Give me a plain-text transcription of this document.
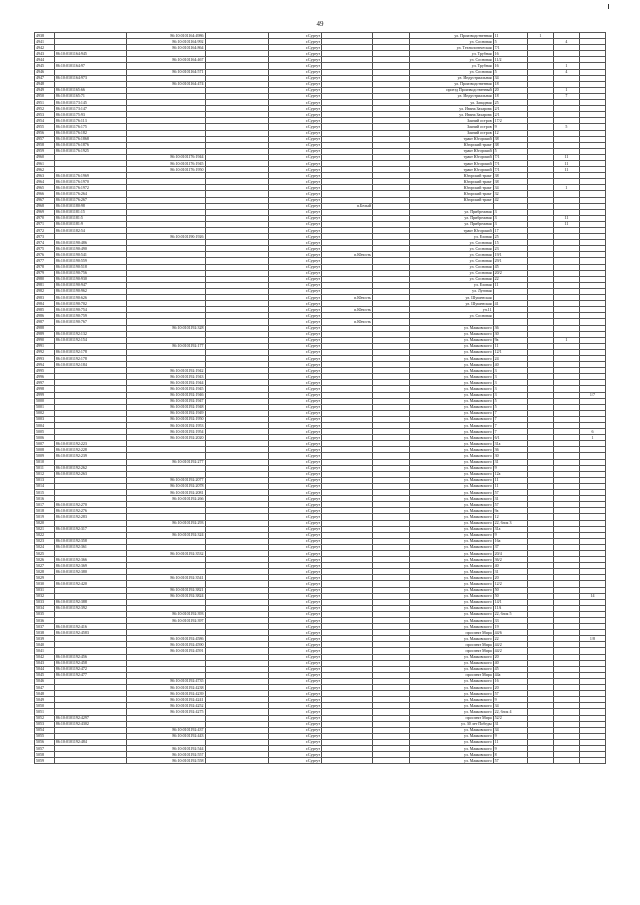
49
4938		86:10:0101164:4986		г.Сургут			ул. Производственная	11	1		
4941		86:10:0101164:992		г.Сургут			ул. Сосновая	5		4	
4942		86:10:0101164:864		г.Сургут			ул. Технологическая	7/1			
4943	86:10:0101164:945			г.Сургут			ул. Трубная	16			
4944		86:10:0101164:467		г.Сургут			ул. Сосновая	11/2			
4945	86:10:0101164:97			г.Сургут			ул. Трубная	16		1	
4946		86:10:0101164:571		г.Сургут			ул. Сосновая	5		4	
4947	86:10:0101164:973			г.Сургут			ул. Индустриальная	34			
4948		86:10:0101164:474		г.Сургут			ул. Производственная	18			
4949	86:10:0101165:66			г.Сургут			проезд Производственный	20		1	
4950	86:10:0101165:71			г.Сургут			ул. Индустриальная	18		7	
4951	86:10:0101173:145			г.Сургут			ул. Западная	25			
4952	86:10:0101173:147			г.Сургут			ул. Ивана Захарова	2/1			
4953	86:10:0101175:93			г.Сургут			ул. Ивана Захарова	2/1			
4954	86:10:0101176:113			г.Сургут			Заячий остров	17/2			
4955	86:10:0101176:175			г.Сургут			Заячий остров	9		5	
4956	86:10:0101176:182			г.Сургут			Заячий остров	12			
4957	86:10:0101176:1868			г.Сургут			тракт Югорский	38			
4958	86:10:0101176:1876			г.Сургут			Югорский тракт	38			
4959	86:10:0101176:1925			г.Сургут			тракт Югорский	5			
4960		86:10:0101176:1944		г.Сургут			тракт Югорский	7/1		11	
4961		86:10:0101176:1945		г.Сургут			тракт Югорский	7/1		11	
4962		86:10:0101176:1950		г.Сургут			тракт Югорский	7/1		11	
4963	86:10:0101176:1969			г.Сургут			Югорский тракт	38			
4964	86:10:0101176:1970			г.Сургут			Югорский тракт	38			
4965	86:10:0101176:1972			г.Сургут			Югорский тракт	34		1	
4966	86:10:0101176:264			г.Сургут			Югорский тракт	32			
4967	86:10:0101176:267			г.Сургут			Югорский тракт	42			
4968	86:10:0101180:98			г.Сургут	п.Белый						
4969	86:10:0101181:15			г.Сургут			ул. Прибрежная	3			
4970	86:10:0101181:5			г.Сургут			ул. Прибрежная	3		11	
4971	86:10:0101181:9			г.Сургут			ул. Прибрежная	3		11	
4972	86:10:0101182:54			г.Сургут			тракт Югорский	17			
4973		86:10:0101190:1926		г.Сургут			ул. Еловая	25			
4974	86:10:0101190:486			г.Сургут			ул. Сосновая	15			
4975	86:10:0101190:490			г.Сургут			ул. Сосновая	23			
4976	86:10:0101190:541			г.Сургут	п.Юность		ул. Сосновая	19/1			
4977	86:10:0101190:559			г.Сургут			ул. Сосновая	29/1			
4978	86:10:0101190:518			г.Сургут			ул. Сосновая	45			
4979	86:10:0101190:756			г.Сургут			ул. Сосновая	20/2			
4980	86:10:0101190:930			г.Сургут			ул. Сосновая	22			
4981	86:10:0101190:947			г.Сургут			ул. Еловая	11			
4982	86:10:0101190:962			г.Сургут			ул. Луговая				
4983	86:10:0101190:626			г.Сургут	п.Юность		ул. Шушенская				
4984	86:10:0101190:702			г.Сургут			ул. Шушенская	41			
4985	86:10:0101190:754			г.Сургут	п.Юность		уч.11				
4986	86:10:0101190:759			г.Сургут			ул. Сосновая				
4987	86:10:0101190:767			г.Сургут	п.Юность						
4988		86:10:0101192:328		г.Сургут			ул. Маяковского	36			
4989	86:10:0101192:132			г.Сургут			ул. Маяковского	30			
4990	86:10:0101192:154			г.Сургут			ул. Маяковского	9а		1	
4991		86:10:0101192:177		г.Сургут			ул. Маяковского	11			
4992	86:10:0101192:178			г.Сургут			ул. Маяковского	12/1			
4993	86:10:0101192:178			г.Сургут			ул. Маяковского	24			
4994	86:10:0101192:184			г.Сургут			ул. Маяковского	40			
4995		86:10:0101192:1942		г.Сургут			ул. Маяковского	3			
4996		86:10:0101192:1943		г.Сургут			ул. Маяковского	3			
4997		86:10:0101192:1944		г.Сургут			ул. Маяковского	3			
4998		86:10:0101192:1945		г.Сургут			ул. Маяковского	3			
4999		86:10:0101192:1946		г.Сургут			ул. Маяковского	3			1/7
5000		86:10:0101192:1947		г.Сургут			ул. Маяковского	5			
5001		86:10:0101192:1948		г.Сургут			ул. Маяковского	5			
5002		86:10:0101192:1949		г.Сургут			ул. Маяковского	7			
5003		86:10:0101192:1950		г.Сургут			ул. Маяковского	7			
5004		86:10:0101192:1953		г.Сургут			ул. Маяковского	7			
5005		86:10:0101192:1954		г.Сургут			ул. Маяковского	7			6
5006		86:10:0101192:2020		г.Сургут			ул. Маяковского	6/1			1
5007	86:10:0101192:223			г.Сургут			ул. Маяковского	31а			
5008	86:10:0101192:228			г.Сургут			ул. Маяковского	36			
5009	86:10:0101192:239			г.Сургут			ул. Маяковского	30			
5010		86:10:0101192:277		г.Сургут			ул. Маяковского	31			
5011	86:10:0101192:262			г.Сургут			ул. Маяковского	9			
5012	86:10:0101192:263			г.Сургут			ул. Маяковского	12а			
5013		86:10:0101192:2077		г.Сургут			ул. Маяковского	11			
5014		86:10:0101192:2078		г.Сургут			ул. Маяковского	11			
5015		86:10:0101192:2081		г.Сургут			ул. Маяковского	57			
5016		86:10:0101192:266		г.Сургут			ул. Маяковского	31			
5017	86:10:0101192:270			г.Сургут			ул. Маяковского	57			
5018	86:10:0101192:276			г.Сургут			ул. Маяковского	9а			
5019	86:10:0101192:283			г.Сургут			ул. Маяковского	12			
5020		86:10:0101192:293		г.Сургут			ул. Маяковского	22, блок 3			
5021	86:10:0101192:317			г.Сургут			ул. Маяковского	31а			
5022		86:10:0101192:324		г.Сургут			ул. Маяковского	9			
5023	86:10:0101192:358			г.Сургут			ул. Маяковского	16а			
5024	86:10:0101192:361			г.Сургут			ул. Маяковского	37			
5025		86:10:0101192:3532		г.Сургут			ул. Маяковского	20/4			
5026	86:10:0101192:366			г.Сургут			ул. Маяковского	36/2			
5027	86:10:0101192:369			г.Сургут			ул. Маяковского	40			
5028	86:10:0101192:380			г.Сургут			ул. Маяковского	31			
5029		86:10:0101192:3541		г.Сургут			ул. Маяковского	20			
5030	86:10:0101192:420			г.Сургут			ул. Маяковского	12/2			
5031		86:10:0101192:3821		г.Сургут			ул. Маяковского	50			
5032		86:10:0101192:3824		г.Сургут			ул. Маяковского	50			14
5033	86:10:0101192:388			г.Сургут			ул. Маяковского	14/1			
5034	86:10:0101192:392			г.Сургут			ул. Маяковского	11А			
5035		86:10:0101192:393		г.Сургут			ул. Маяковского	22, блок 5			
5036		86:10:0101192:397		г.Сургут			ул. Маяковского	33			
5037	86:10:0101192:416			г.Сургут			ул. Маяковского	19			
5038	86:10:0101192:4583			г.Сургут			проспект Мира	44/6			
5039		86:10:0101192:4586		г.Сургут			ул. Маяковского	22			1/8
5040		86:10:0101192:4590		г.Сургут			проспект Мира	44/2			
5041		86:10:0101192:4591		г.Сургут			проспект Мира	44/2			
5042	86:10:0101192:456			г.Сургут			ул. Маяковского	20			
5043	86:10:0101192:458			г.Сургут			ул. Маяковского	40			
5044	86:10:0101192:472			г.Сургут			ул. Маяковского	45			
5045	86:10:0101192:477			г.Сургут			проспект Мира	44а			
5046		86:10:0101192:4735		г.Сургут			ул. Маяковского	16			
5047		86:10:0101192:4238		г.Сургут			ул. Маяковского	20			
5048		86:10:0101192:4239		г.Сургут			ул. Маяковского	57			
5049		86:10:0101192:4241		г.Сургут			ул. Маяковского	9			
5050		86:10:0101192:4252		г.Сургут			ул. Маяковского	34			
5051		86:10:0101192:4275		г.Сургут			ул. Маяковского	22, блок 4			
5052	86:10:0101192:4297			г.Сургут			проспект Мира	52/2			
5053	86:10:0101192:4302			г.Сургут			ул. 30 лет Победы	31			
5054		86:10:0101192:437		г.Сургут			ул. Маяковского	34			
5055		86:10:0101192:443		г.Сургут			ул. Маяковского	9			
5056	86:10:0101192:484			г.Сургут			ул. Маяковского	11			
5057		86:10:0101192:544		г.Сургут			ул. Маяковского	9			
5058		86:10:0101192:557		г.Сургут			ул. Маяковского	8			
5059		86:10:0101192:558		г.Сургут			ул. Маяковского	57			
